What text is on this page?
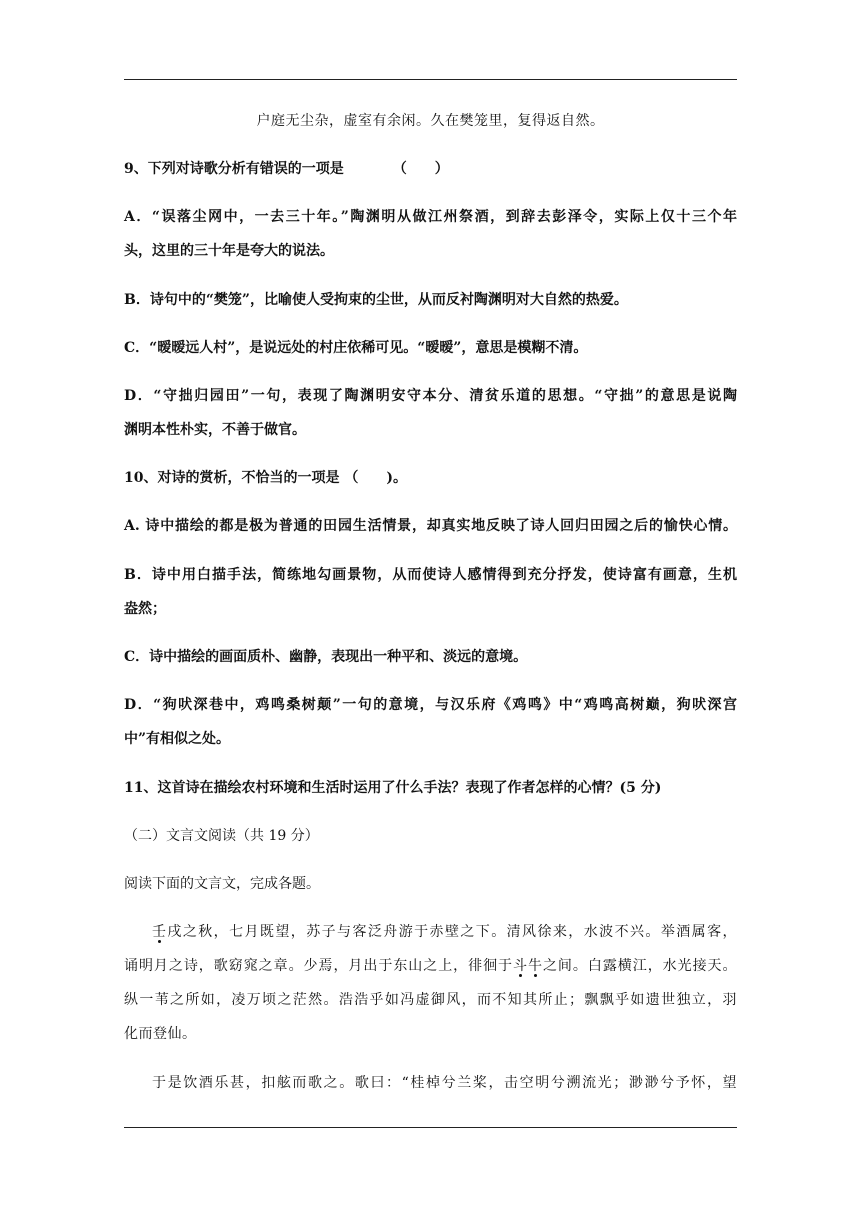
户庭无尘杂，虚室有余闲。久在樊笼里，复得返自然。
9、下列对诗歌分析有错误的一项是　　　　（　　）
A．“误落尘网中，一去三十年。”陶渊明从做江州祭酒，到辞去彭泽令，实际上仅十三个年
头，这里的三十年是夸大的说法。
B．诗句中的“樊笼”，比喻使人受拘束的尘世，从而反衬陶渊明对大自然的热爱。
C．“暧暧远人村”，是说远处的村庄依稀可见。“暧暧”，意思是模糊不清。
D．“守拙归园田”一句，表现了陶渊明安守本分、清贫乐道的思想。“守拙”的意思是说陶
渊明本性朴实，不善于做官。
10、对诗的赏析，不恰当的一项是 （　　)。
A. 诗中描绘的都是极为普通的田园生活情景，却真实地反映了诗人回归田园之后的愉快心情。
B．诗中用白描手法，简练地勾画景物，从而使诗人感情得到充分抒发，使诗富有画意，生机
盎然；
C．诗中描绘的画面质朴、幽静，表现出一种平和、淡远的意境。
D．“狗吠深巷中，鸡鸣桑树颠”一句的意境，与汉乐府《鸡鸣》中“鸡鸣高树巅，狗吠深宫
中”有相似之处。
11、这首诗在描绘农村环境和生活时运用了什么手法？表现了作者怎样的心情？(5 分)
（二）文言文阅读（共 19 分）
阅读下面的文言文，完成各题。
壬戌之秋，七月既望，苏子与客泛舟游于赤壁之下。清风徐来，水波不兴。举酒属客，
诵明月之诗，歌窈窕之章。少焉，月出于东山之上，徘徊于斗牛之间。白露横江，水光接天。
纵一苇之所如，凌万顷之茫然。浩浩乎如冯虚御风，而不知其所止；飘飘乎如遗世独立，羽
化而登仙。
于是饮酒乐甚，扣舷而歌之。歌曰：“桂棹兮兰桨，击空明兮溯流光；渺渺兮予怀，望
